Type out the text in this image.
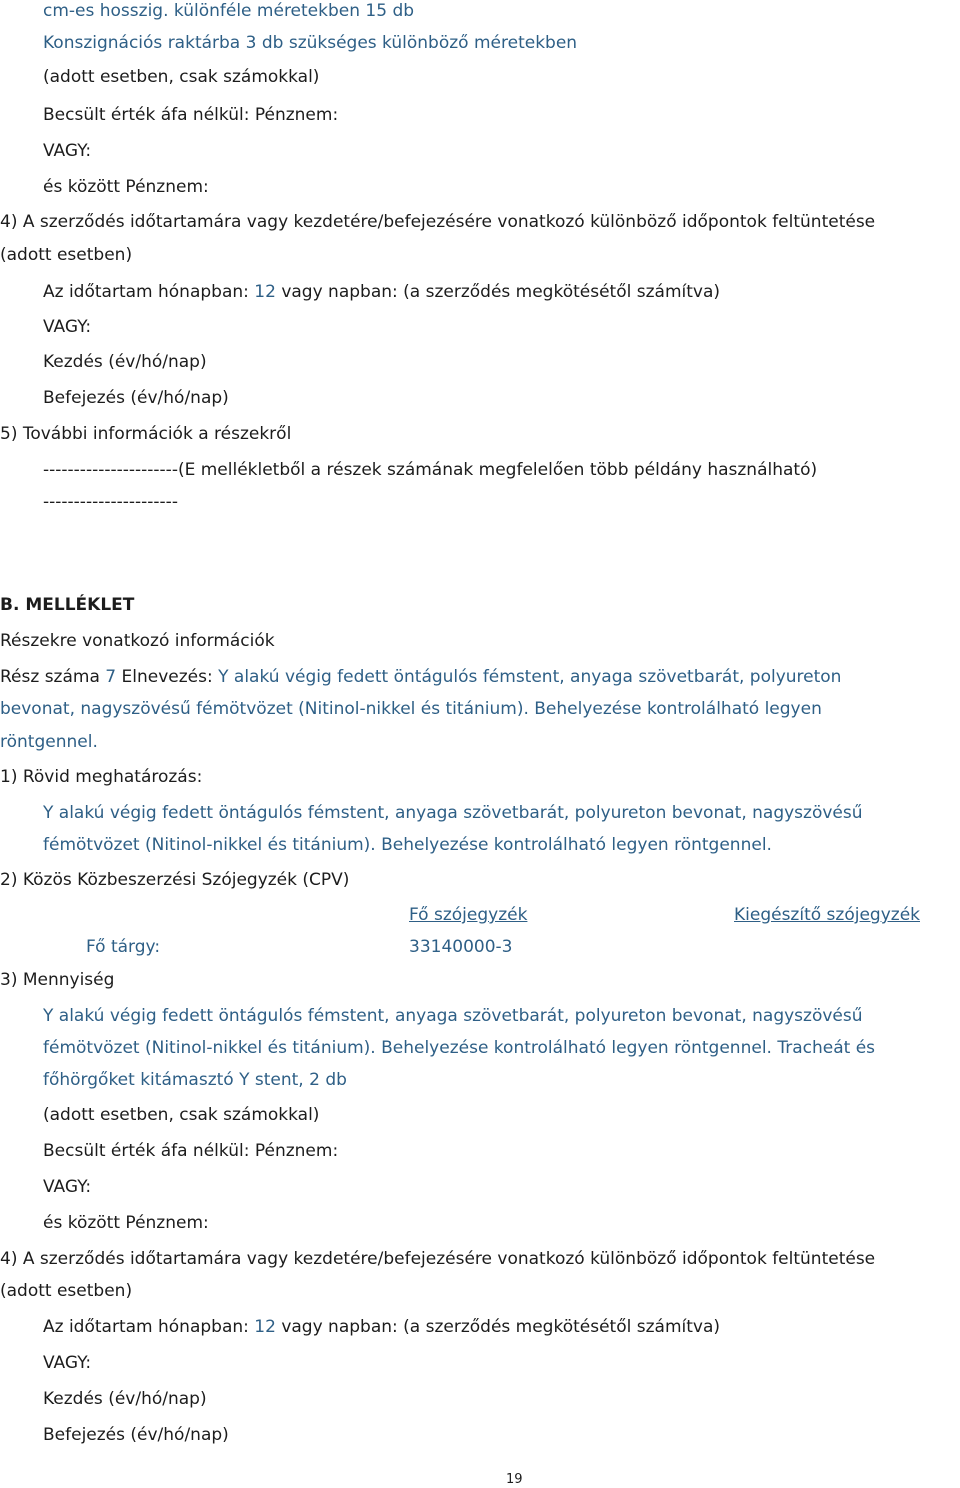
cm-es hosszig. különféle méretekben 15 db
Konszignációs raktárba 3 db szükséges különböző méretekben
(adott esetben, csak számokkal)
Becsült érték áfa nélkül: Pénznem:
VAGY:
és között Pénznem:
4) A szerződés időtartamára vagy kezdetére/befejezésére vonatkozó különböző időpontok feltüntetése
(adott esetben)
Az időtartam hónapban: 12 vagy napban: (a szerződés megkötésétől számítva)
VAGY:
Kezdés (év/hó/nap)
Befejezés (év/hó/nap)
5) További információk a részekről
----------------------(E mellékletből a részek számának megfelelően több példány használható)
----------------------
B. MELLÉKLET
Részekre vonatkozó információk
Rész száma 7 Elnevezés: Y alakú végig fedett öntágulós fémstent, anyaga szövetbarát, polyureton
bevonat, nagyszövésű fémötvözet (Nitinol-nikkel és titánium). Behelyezése kontrolálható legyen
röntgennel.
1) Rövid meghatározás:
Y alakú végig fedett öntágulós fémstent, anyaga szövetbarát, polyureton bevonat, nagyszövésű
fémötvözet (Nitinol-nikkel és titánium). Behelyezése kontrolálható legyen röntgennel.
2) Közös Közbeszerzési Szójegyzék (CPV)
Fő szójegyzék	Kiegészítő szójegyzék
Fő tárgy:	33140000-3
3) Mennyiség
Y alakú végig fedett öntágulós fémstent, anyaga szövetbarát, polyureton bevonat, nagyszövésű
fémötvözet (Nitinol-nikkel és titánium). Behelyezése kontrolálható legyen röntgennel. Tracheát és
főhörgőket kitámasztó Y stent, 2 db
(adott esetben, csak számokkal)
Becsült érték áfa nélkül: Pénznem:
VAGY:
és között Pénznem:
4) A szerződés időtartamára vagy kezdetére/befejezésére vonatkozó különböző időpontok feltüntetése
(adott esetben)
Az időtartam hónapban: 12 vagy napban: (a szerződés megkötésétől számítva)
VAGY:
Kezdés (év/hó/nap)
Befejezés (év/hó/nap)
19
